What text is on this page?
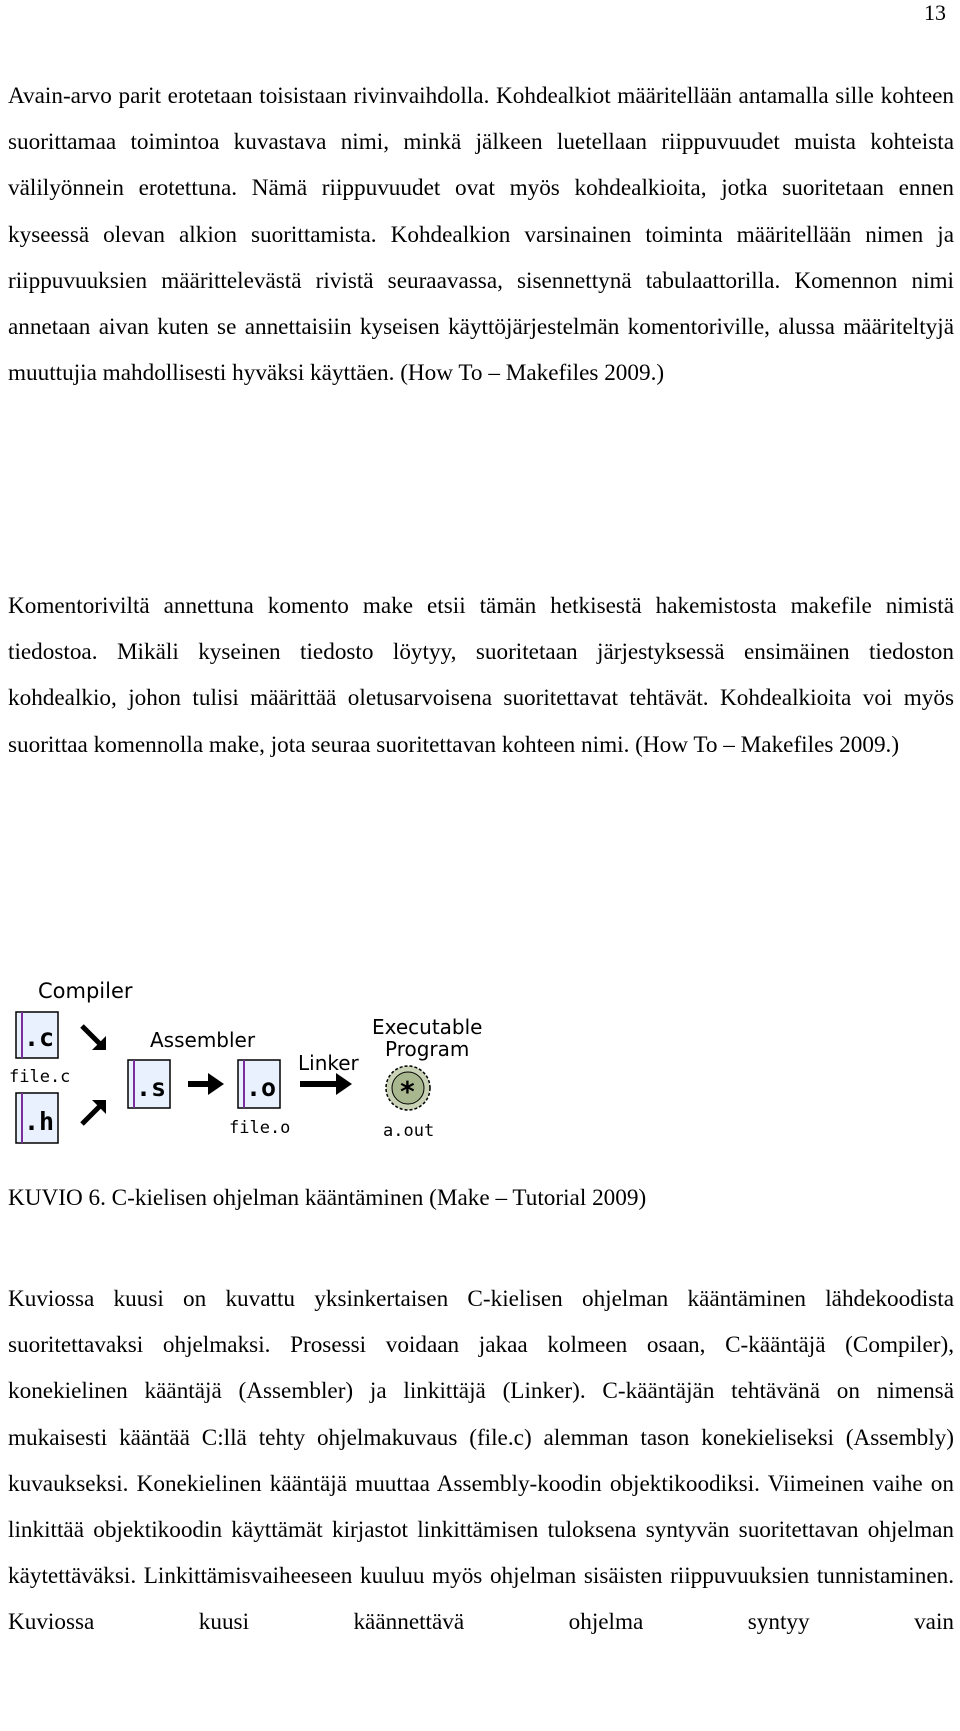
13

Avain-arvo parit erotetaan toisistaan rivinvaihdolla. Kohdealkiot määritellään antamalla sille kohteen suorittamaa toimintoa kuvastava nimi, minkä jälkeen luetellaan riippuvuudet muista kohteista välilyönnein erotettuna. Nämä riippuvuudet ovat myös kohdealkioita, jotka suoritetaan ennen kyseessä olevan alkion suorittamista. Kohdealkion varsinainen toiminta määritellään nimen ja riippuvuuksien määrittelevästä rivistä seuraavassa, sisennettynä tabulaattorilla. Komennon nimi annetaan aivan kuten se annettaisiin kyseisen käyttöjärjestelmän komentoriville, alussa määriteltyjä muuttujia mahdollisesti hyväksi käyttäen. (How To – Makefiles 2009.)

Komentoriviltä annettuna komento make etsii tämän hetkisestä hakemistosta makefile nimistä tiedostoa. Mikäli kyseinen tiedosto löytyy, suoritetaan järjestyksessä ensimäinen tiedoston kohdealkio, johon tulisi määrittää oletusarvoisena suoritettavat tehtävät. Kohdealkioita voi myös suorittaa komennolla make, jota seuraa suoritettavan kohteen nimi. (How To – Makefiles 2009.)

Compiler
.c
file.c
.h
Assembler
.s	.o
file.o
Linker
Executable
Program
*
a.out

KUVIO 6. C-kielisen ohjelman kääntäminen (Make – Tutorial 2009)

Kuviossa kuusi on kuvattu yksinkertaisen C-kielisen ohjelman kääntäminen lähdekoodista suoritettavaksi ohjelmaksi. Prosessi voidaan jakaa kolmeen osaan, C-kääntäjä (Compiler), konekielinen kääntäjä (Assembler) ja linkittäjä (Linker). C-kääntäjän tehtävänä on nimensä mukaisesti kääntää C:llä tehty ohjelmakuvaus (file.c) alemman tason konekieliseksi (Assembly) kuvaukseksi. Konekielinen kääntäjä muuttaa Assembly-koodin objektikoodiksi. Viimeinen vaihe on linkittää objektikoodin käyttämät kirjastot linkittämisen tuloksena syntyvän suoritettavan ohjelman käytettäväksi. Linkittämisvaiheeseen kuuluu myös ohjelman sisäisten riippuvuuksien tunnistaminen. Kuviossa kuusi käännettävä ohjelma syntyy vain
